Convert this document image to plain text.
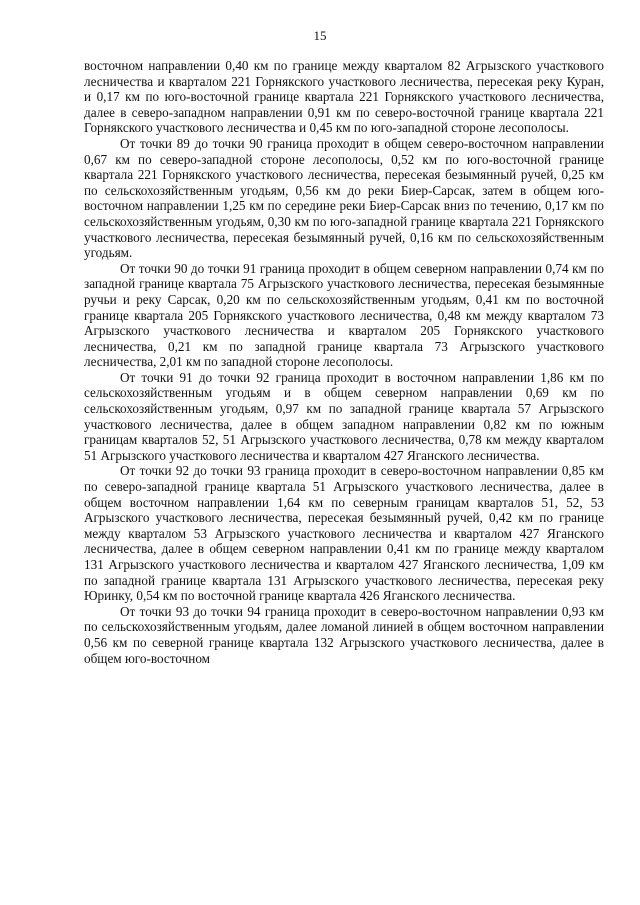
15

восточном направлении 0,40 км по границе между кварталом 82 Агрызского участкового лесничества и кварталом 221 Горнякского участкового лесничества, пересекая реку Куран, и 0,17 км по юго-восточной границе квартала 221 Горнякского участкового лесничества, далее в северо-западном направлении 0,91 км по северо-восточной границе квартала 221 Горнякского участкового лесничества и 0,45 км по юго-западной стороне лесополосы.

От точки 89 до точки 90 граница проходит в общем северо-восточном направлении 0,67 км по северо-западной стороне лесополосы, 0,52 км по юго-восточной границе квартала 221 Горнякского участкового лесничества, пересекая безымянный ручей, 0,25 км по сельскохозяйственным угодьям, 0,56 км до реки Биер-Сарсак, затем в общем юго-восточном направлении 1,25 км по середине реки Биер-Сарсак вниз по течению, 0,17 км по сельскохозяйственным угодьям, 0,30 км по юго-западной границе квартала 221 Горнякского участкового лесничества, пересекая безымянный ручей, 0,16 км по сельскохозяйственным угодьям.

От точки 90 до точки 91 граница проходит в общем северном направлении 0,74 км по западной границе квартала 75 Агрызского участкового лесничества, пересекая безымянные ручьи и реку Сарсак, 0,20 км по сельскохозяйственным угодьям, 0,41 км по восточной границе квартала 205 Горнякского участкового лесничества, 0,48 км между кварталом 73 Агрызского участкового лесничества и кварталом 205 Горнякского участкового лесничества, 0,21 км по западной границе квартала 73 Агрызского участкового лесничества, 2,01 км по западной стороне лесополосы.

От точки 91 до точки 92 граница проходит в восточном направлении 1,86 км по сельскохозяйственным угодьям и в общем северном направлении 0,69 км по сельскохозяйственным угодьям, 0,97 км по западной границе квартала 57 Агрызского участкового лесничества, далее в общем западном направлении 0,82 км по южным границам кварталов 52, 51 Агрызского участкового лесничества, 0,78 км между кварталом 51 Агрызского участкового лесничества и кварталом 427 Яганского лесничества.

От точки 92 до точки 93 граница проходит в северо-восточном направлении 0,85 км по северо-западной границе квартала 51 Агрызского участкового лесничества, далее в общем восточном направлении 1,64 км по северным границам кварталов 51, 52, 53 Агрызского участкового лесничества, пересекая безымянный ручей, 0,42 км по границе между кварталом 53 Агрызского участкового лесничества и кварталом 427 Яганского лесничества, далее в общем северном направлении 0,41 км по границе между кварталом 131 Агрызского участкового лесничества и кварталом 427 Яганского лесничества, 1,09 км по западной границе квартала 131 Агрызского участкового лесничества, пересекая реку Юринку, 0,54 км по восточной границе квартала 426 Яганского лесничества.

От точки 93 до точки 94 граница проходит в северо-восточном направлении 0,93 км по сельскохозяйственным угодьям, далее ломаной линией в общем восточном направлении 0,56 км по северной границе квартала 132 Агрызского участкового лесничества, далее в общем юго-восточном
